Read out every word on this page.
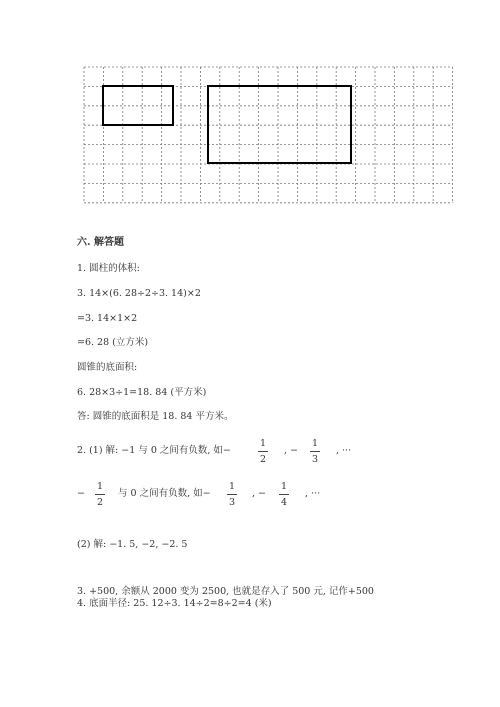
六. 解答题
1. 圆柱的体积:
3. 14×(6. 28÷2÷3. 14)×2
=3. 14×1×2
=6. 28 (立方米)
圆锥的底面积:
6. 28×3÷1=18. 84 (平方米)
答: 圆锥的底面积是 18. 84 平方米。
2. (1) 解: −1 与 0 之间有负数, 如−
1
2
, −
1
3
, ···
−
1
2
与 0 之间有负数, 如−
1
3
, −
1
4
, ···
(2) 解: −1. 5, −2, −2. 5
3. +500, 余额从 2000 变为 2500, 也就是存入了 500 元, 记作+500
4. 底面半径: 25. 12÷3. 14÷2=8÷2=4 (米)
